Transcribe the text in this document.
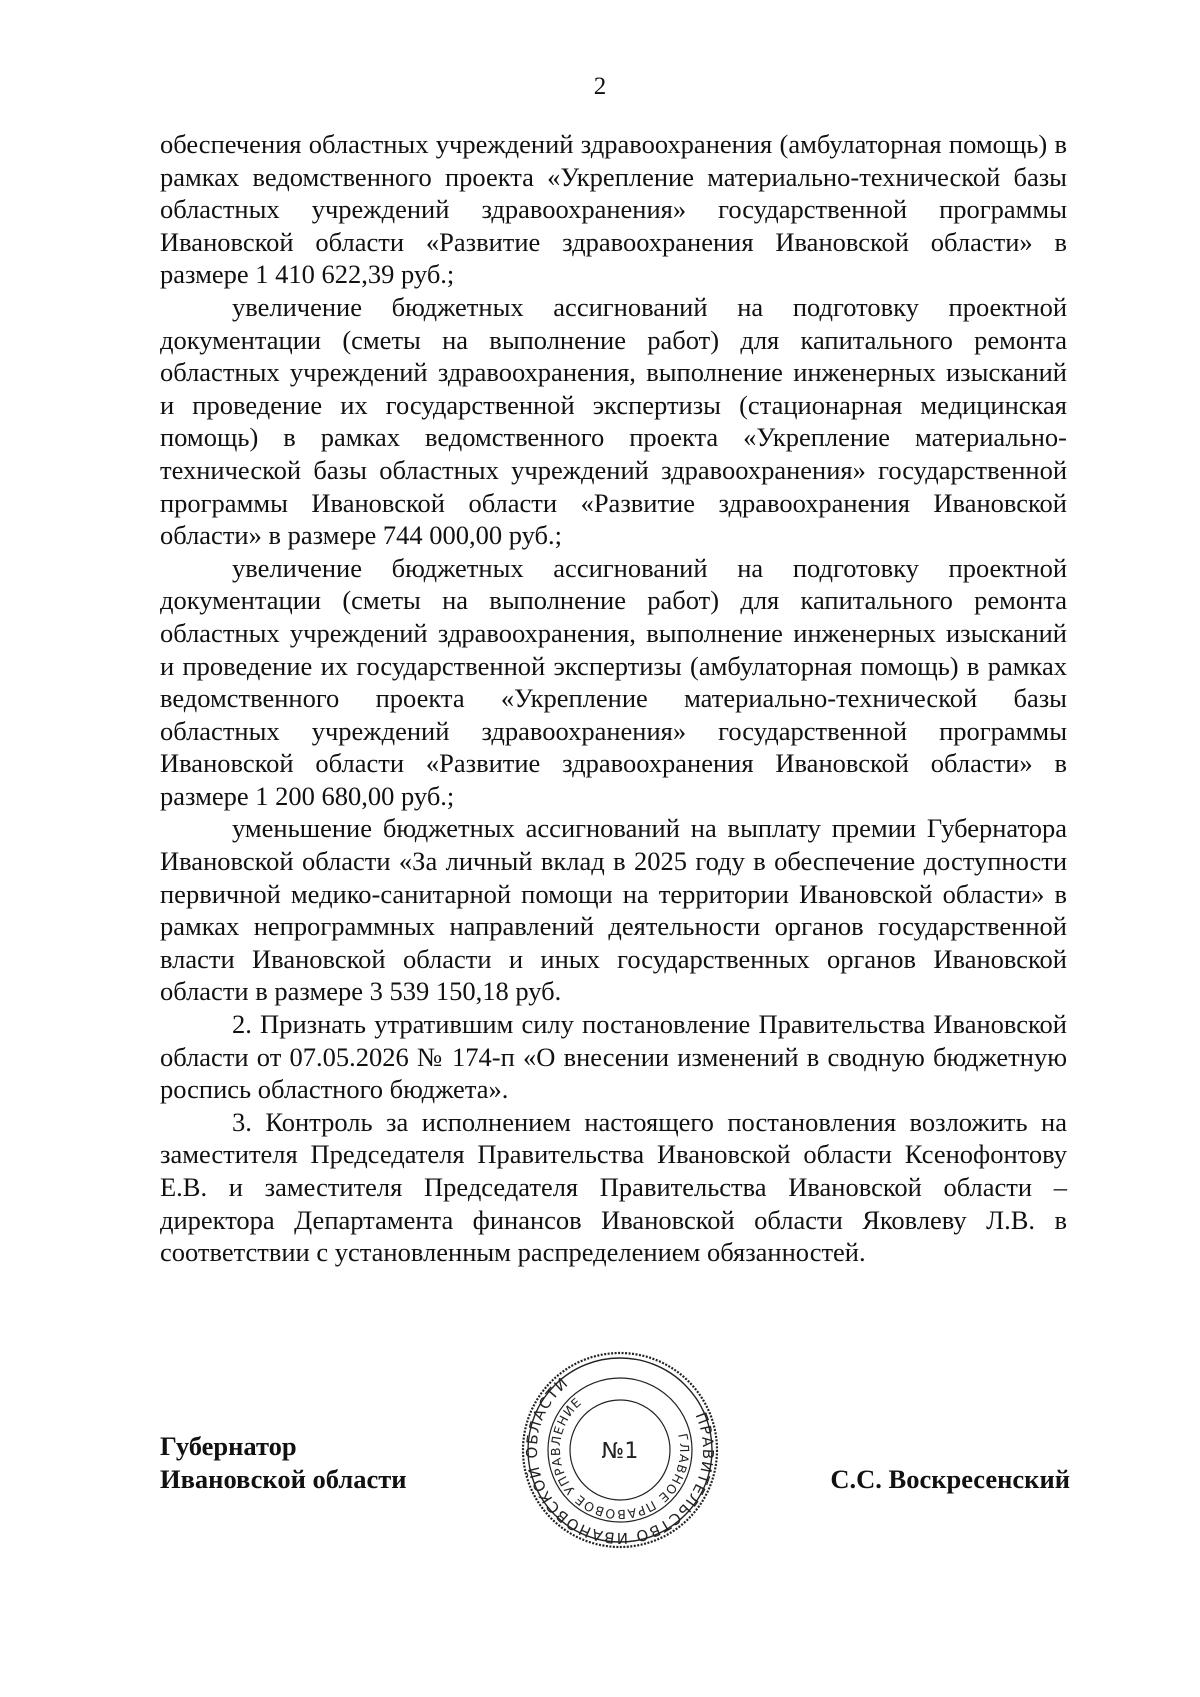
2

обеспечения областных учреждений здравоохранения (амбулаторная помощь) в рамках ведомственного проекта «Укрепление материально-технической базы областных учреждений здравоохранения» государственной программы Ивановской области «Развитие здравоохранения Ивановской области» в размере 1 410 622,39 руб.;

увеличение бюджетных ассигнований на подготовку проектной документации (сметы на выполнение работ) для капитального ремонта областных учреждений здравоохранения, выполнение инженерных изысканий и проведение их государственной экспертизы (стационарная медицинская помощь) в рамках ведомственного проекта «Укрепление материально-технической базы областных учреждений здравоохранения» государственной программы Ивановской области «Развитие здравоохранения Ивановской области» в размере 744 000,00 руб.;

увеличение бюджетных ассигнований на подготовку проектной документации (сметы на выполнение работ) для капитального ремонта областных учреждений здравоохранения, выполнение инженерных изысканий и проведение их государственной экспертизы (амбулаторная помощь) в рамках ведомственного проекта «Укрепление материально-технической базы областных учреждений здравоохранения» государственной программы Ивановской области «Развитие здравоохранения Ивановской области» в размере 1 200 680,00 руб.;

уменьшение бюджетных ассигнований на выплату премии Губернатора Ивановской области «За личный вклад в 2025 году в обеспечение доступности первичной медико-санитарной помощи на территории Ивановской области» в рамках непрограммных направлений деятельности органов государственной власти Ивановской области и иных государственных органов Ивановской области в размере 3 539 150,18 руб.

2. Признать утратившим силу постановление Правительства Ивановской области от 07.05.2026 № 174-п «О внесении изменений в сводную бюджетную роспись областного бюджета».

3. Контроль за исполнением настоящего постановления возложить на заместителя Председателя Правительства Ивановской области Ксенофонтову Е.В. и заместителя Председателя Правительства Ивановской области – директора Департамента финансов Ивановской области Яковлеву Л.В. в соответствии с установленным распределением обязанностей.

Губернатор
Ивановской области
ПРАВИТЕЛЬСТВО ИВАНОВСКОЙ ОБЛАСТИ
ГЛАВНОЕ ПРАВОВОЕ УПРАВЛЕНИЕ
№1
С.С. Воскресенский
